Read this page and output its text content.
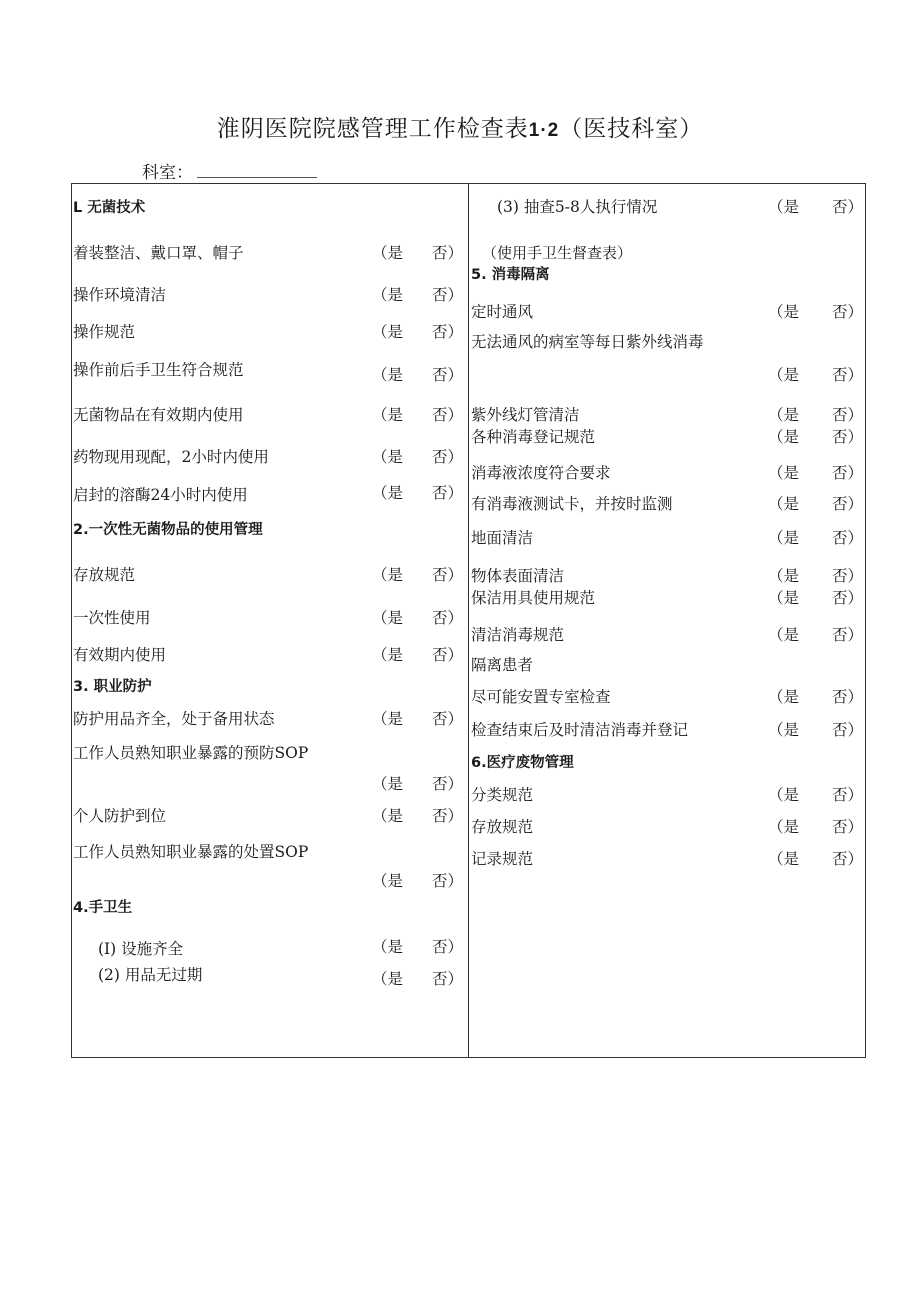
淮阴医院院感管理工作检查表1·2（医技科室）
科室：
L 无菌技术
着装整洁、戴口罩、帽子	（是 否）
操作环境清洁	（是 否）
操作规范	（是 否）
操作前后手卫生符合规范	（是 否）
无菌物品在有效期内使用	（是 否）
药物现用现配，2小时内使用	（是 否）
启封的溶酶24小时内使用	（是 否）
2.一次性无菌物品的使用管理
存放规范	（是 否）
一次性使用	（是 否）
有效期内使用	（是 否）
3. 职业防护
防护用品齐全，处于备用状态	（是 否）
工作人员熟知职业暴露的预防SOP
（是 否）
个人防护到位	（是 否）
工作人员熟知职业暴露的处置SOP
（是 否）
4.手卫生
(I) 设施齐全	（是 否）
(2) 用品无过期	（是 否）
(3) 抽查5-8人执行情况	（是 否）
（使用手卫生督查表）
5. 消毒隔离
定时通风	（是 否）
无法通风的病室等每日紫外线消毒
（是 否）
紫外线灯管清洁	（是 否）
各种消毒登记规范	（是 否）
消毒液浓度符合要求	（是 否）
有消毒液测试卡，并按时监测	（是 否）
地面清洁	（是 否）
物体表面清洁	（是 否）
保洁用具使用规范	（是 否）
清洁消毒规范	（是 否）
隔离患者
尽可能安置专室检查	（是 否）
检查结束后及时清洁消毒并登记	（是 否）
6.医疗废物管理
分类规范	（是 否）
存放规范	（是 否）
记录规范	（是 否）
